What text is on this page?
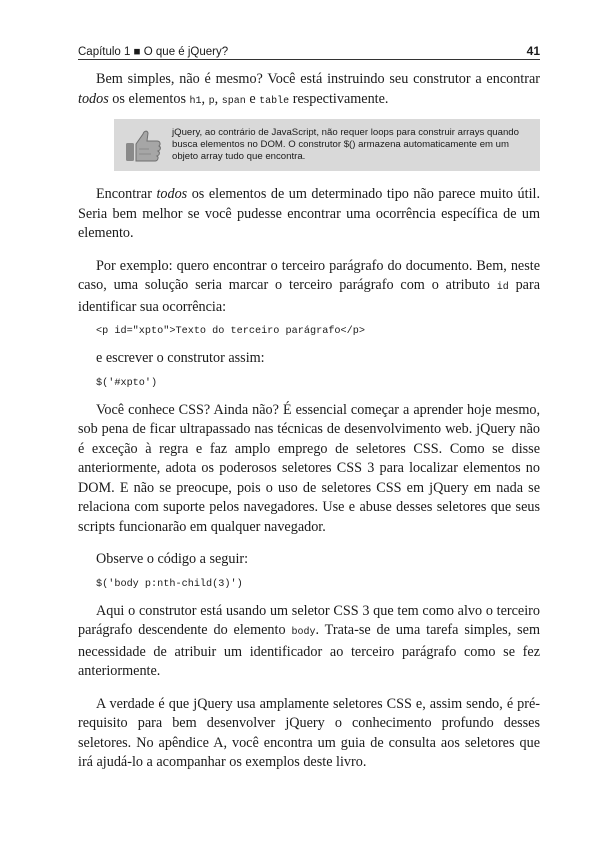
Capítulo 1 ■ O que é jQuery?	41

Bem simples, não é mesmo? Você está instruindo seu construtor a encontrar todos os elementos h1, p, span e table respectivamente.

jQuery, ao contrário de JavaScript, não requer loops para construir arrays quando busca elementos no DOM. O construtor $() armazena automaticamente em um objeto array tudo que encontra.

Encontrar todos os elementos de um determinado tipo não parece muito útil. Seria bem melhor se você pudesse encontrar uma ocorrência específica de um elemento.

Por exemplo: quero encontrar o terceiro parágrafo do documento. Bem, neste caso, uma solução seria marcar o terceiro parágrafo com o atributo id para identificar sua ocorrência:

<p id="xpto">Texto do terceiro parágrafo</p>

e escrever o construtor assim:

$('#xpto')

Você conhece CSS? Ainda não? É essencial começar a aprender hoje mesmo, sob pena de ficar ultrapassado nas técnicas de desenvolvimento web. jQuery não é exceção à regra e faz amplo emprego de seletores CSS. Como se disse anteriormente, adota os poderosos seletores CSS 3 para localizar elementos no DOM. E não se preocupe, pois o uso de seletores CSS em jQuery em nada se relaciona com suporte pelos navegadores. Use e abuse desses seletores que seus scripts funcionarão em qualquer navegador.

Observe o código a seguir:

$('body p:nth-child(3)')

Aqui o construtor está usando um seletor CSS 3 que tem como alvo o terceiro parágrafo descendente do elemento body. Trata-se de uma tarefa simples, sem necessidade de atribuir um identificador ao terceiro parágrafo como se fez anteriormente.

A verdade é que jQuery usa amplamente seletores CSS e, assim sendo, é pré-requisito para bem desenvolver jQuery o conhecimento profundo desses seletores. No apêndice A, você encontra um guia de consulta aos seletores que irá ajudá-lo a acompanhar os exemplos deste livro.
